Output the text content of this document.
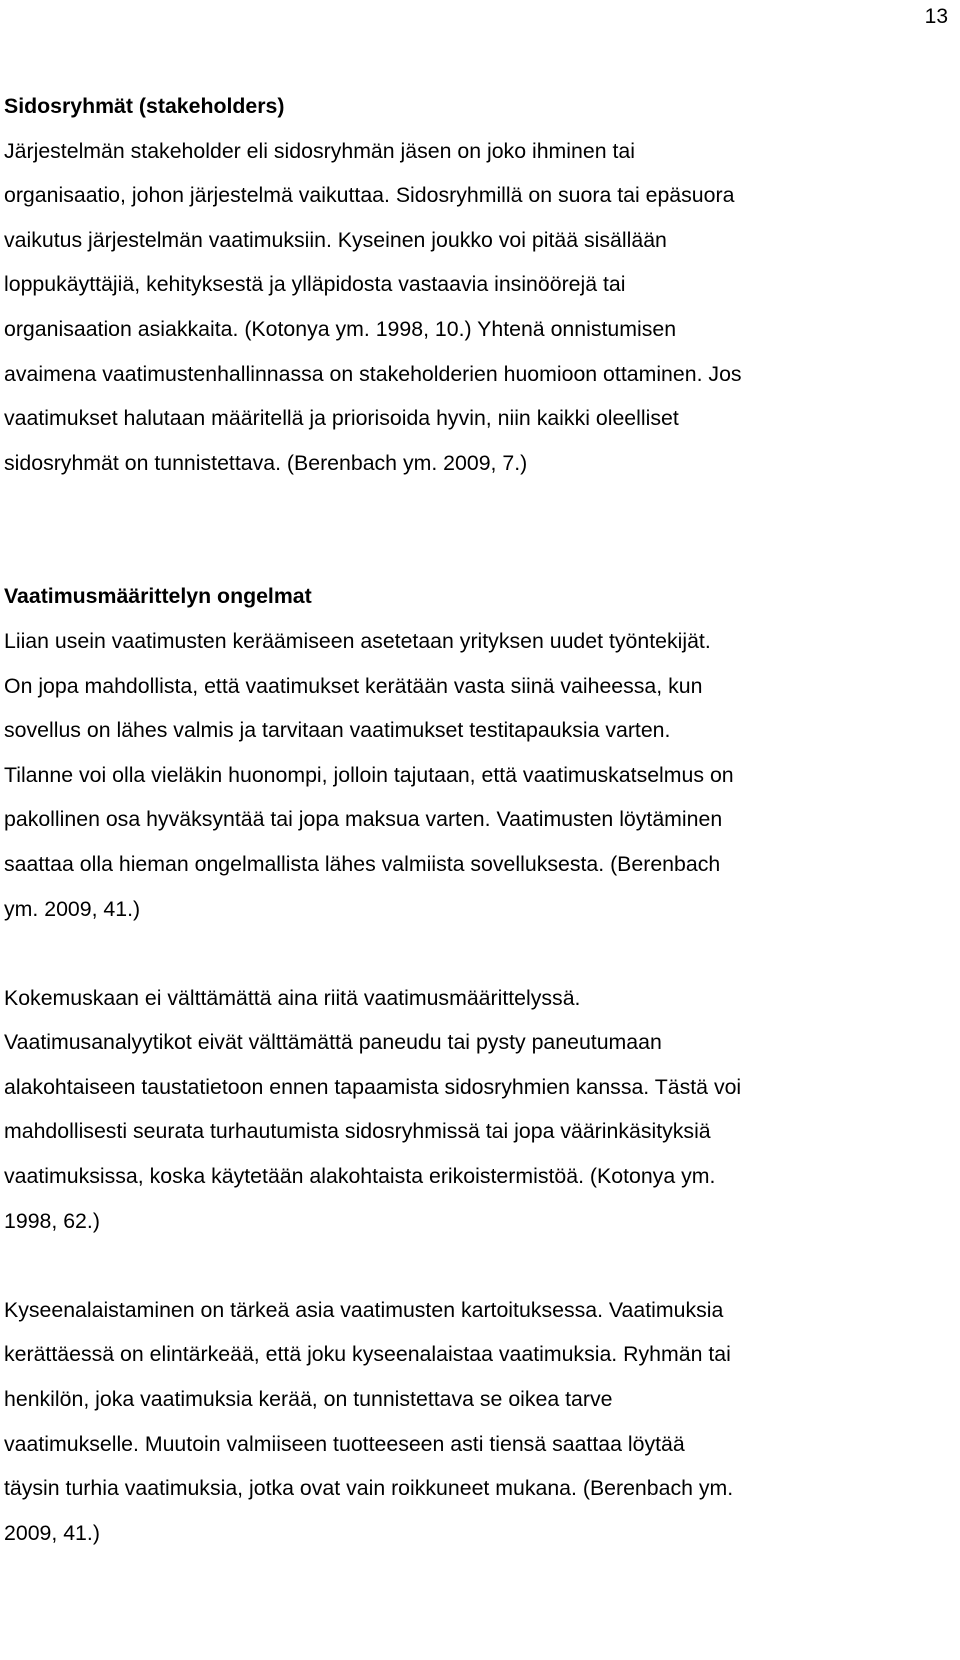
13
Sidosryhmät (stakeholders)
Järjestelmän stakeholder eli sidosryhmän jäsen on joko ihminen tai
organisaatio, johon järjestelmä vaikuttaa. Sidosryhmillä on suora tai epäsuora
vaikutus järjestelmän vaatimuksiin. Kyseinen joukko voi pitää sisällään
loppukäyttäjiä, kehityksestä ja ylläpidosta vastaavia insinöörejä tai
organisaation asiakkaita. (Kotonya ym. 1998, 10.) Yhtenä onnistumisen
avaimena vaatimustenhallinnassa on stakeholderien huomioon ottaminen. Jos
vaatimukset halutaan määritellä ja priorisoida hyvin, niin kaikki oleelliset
sidosryhmät on tunnistettava. (Berenbach ym. 2009, 7.)
Vaatimusmäärittelyn ongelmat
Liian usein vaatimusten keräämiseen asetetaan yrityksen uudet työntekijät.
On jopa mahdollista, että vaatimukset kerätään vasta siinä vaiheessa, kun
sovellus on lähes valmis ja tarvitaan vaatimukset testitapauksia varten.
Tilanne voi olla vieläkin huonompi, jolloin tajutaan, että vaatimuskatselmus on
pakollinen osa hyväksyntää tai jopa maksua varten. Vaatimusten löytäminen
saattaa olla hieman ongelmallista lähes valmiista sovelluksesta. (Berenbach
ym. 2009, 41.)
Kokemuskaan ei välttämättä aina riitä vaatimusmäärittelyssä.
Vaatimusanalyytikot eivät välttämättä paneudu tai pysty paneutumaan
alakohtaiseen taustatietoon ennen tapaamista sidosryhmien kanssa. Tästä voi
mahdollisesti seurata turhautumista sidosryhmissä tai jopa väärinkäsityksiä
vaatimuksissa, koska käytetään alakohtaista erikoistermistöä. (Kotonya ym.
1998, 62.)
Kyseenalaistaminen on tärkeä asia vaatimusten kartoituksessa. Vaatimuksia
kerättäessä on elintärkeää, että joku kyseenalaistaa vaatimuksia. Ryhmän tai
henkilön, joka vaatimuksia kerää, on tunnistettava se oikea tarve
vaatimukselle. Muutoin valmiiseen tuotteeseen asti tiensä saattaa löytää
täysin turhia vaatimuksia, jotka ovat vain roikkuneet mukana. (Berenbach ym.
2009, 41.)
